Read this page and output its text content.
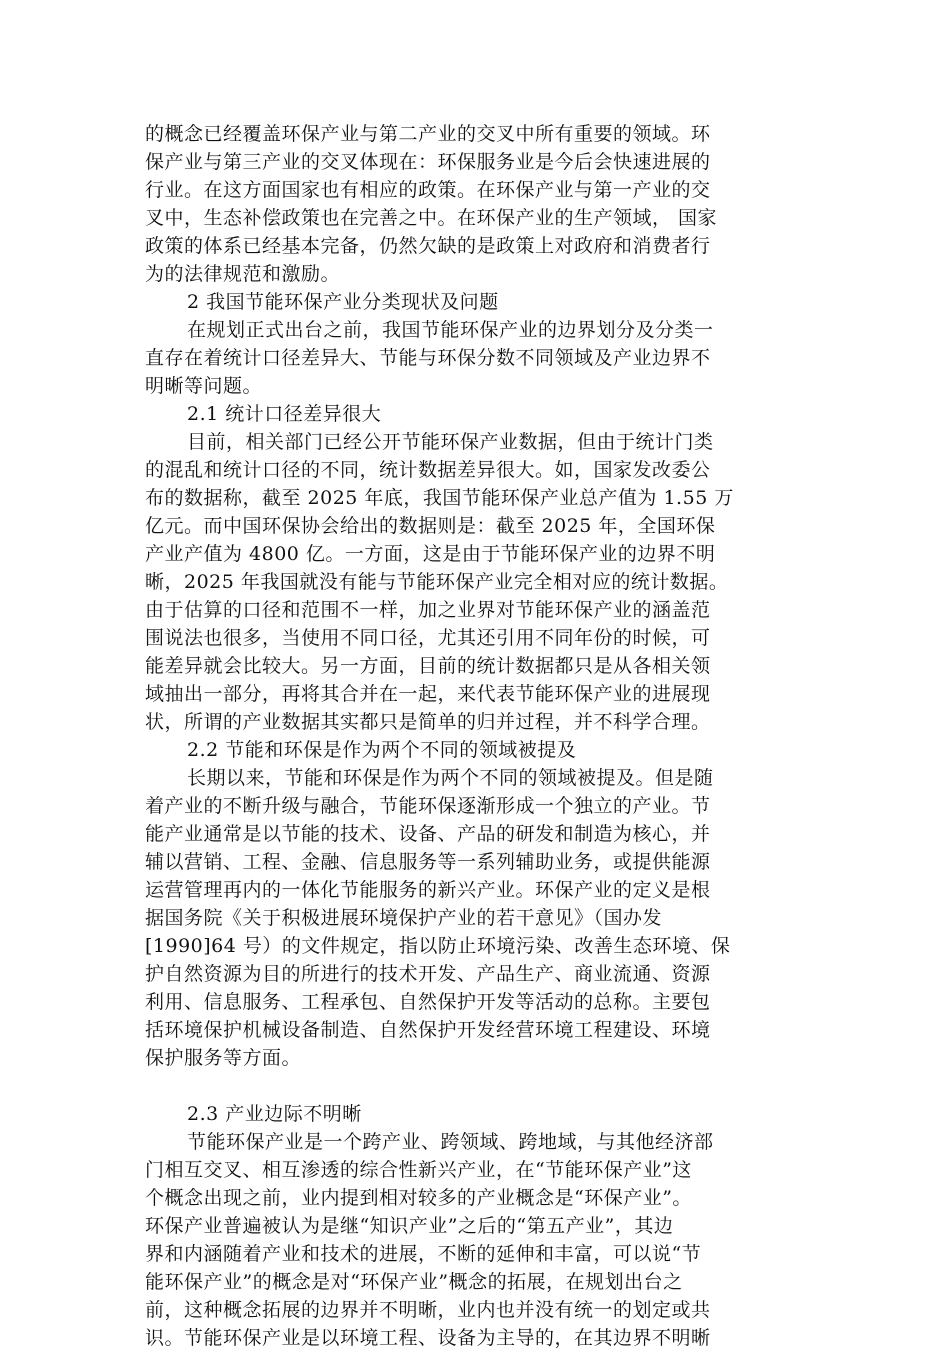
的概念已经覆盖环保产业与第二产业的交叉中所有重要的领域。环
保产业与第三产业的交叉体现在：环保服务业是今后会快速进展的
行业。在这方面国家也有相应的政策。在环保产业与第一产业的交
叉中，生态补偿政策也在完善之中。在环保产业的生产领域， 国家
政策的体系已经基本完备，仍然欠缺的是政策上对政府和消费者行
为的法律规范和激励。
2 我国节能环保产业分类现状及问题
在规划正式出台之前，我国节能环保产业的边界划分及分类一
直存在着统计口径差异大、节能与环保分数不同领域及产业边界不
明晰等问题。
2.1 统计口径差异很大
目前，相关部门已经公开节能环保产业数据，但由于统计门类
的混乱和统计口径的不同，统计数据差异很大。如，国家发改委公
布的数据称，截至 2025 年底，我国节能环保产业总产值为 1.55 万
亿元。而中国环保协会给出的数据则是：截至 2025 年，全国环保
产业产值为 4800 亿。一方面，这是由于节能环保产业的边界不明
晰，2025 年我国就没有能与节能环保产业完全相对应的统计数据。
由于估算的口径和范围不一样，加之业界对节能环保产业的涵盖范
围说法也很多，当使用不同口径，尤其还引用不同年份的时候，可
能差异就会比较大。另一方面，目前的统计数据都只是从各相关领
域抽出一部分，再将其合并在一起，来代表节能环保产业的进展现
状，所谓的产业数据其实都只是简单的归并过程，并不科学合理。
2.2 节能和环保是作为两个不同的领域被提及
长期以来，节能和环保是作为两个不同的领域被提及。但是随
着产业的不断升级与融合，节能环保逐渐形成一个独立的产业。节
能产业通常是以节能的技术、设备、产品的研发和制造为核心，并
辅以营销、工程、金融、信息服务等一系列辅助业务，或提供能源
运营管理再内的一体化节能服务的新兴产业。环保产业的定义是根
据国务院《关于积极进展环境保护产业的若干意见》（国办发
[1990]64 号）的文件规定，指以防止环境污染、改善生态环境、保
护自然资源为目的所进行的技术开发、产品生产、商业流通、资源
利用、信息服务、工程承包、自然保护开发等活动的总称。主要包
括环境保护机械设备制造、自然保护开发经营环境工程建设、环境
保护服务等方面。
2.3 产业边际不明晰
节能环保产业是一个跨产业、跨领域、跨地域，与其他经济部
门相互交叉、相互渗透的综合性新兴产业，在“节能环保产业”这
个概念出现之前，业内提到相对较多的产业概念是“环保产业”。
环保产业普遍被认为是继“知识产业”之后的“第五产业”，其边
界和内涵随着产业和技术的进展，不断的延伸和丰富，可以说“节
能环保产业”的概念是对“环保产业”概念的拓展，在规划出台之
前，这种概念拓展的边界并不明晰，业内也并没有统一的划定或共
识。节能环保产业是以环境工程、设备为主导的，在其边界不明晰
